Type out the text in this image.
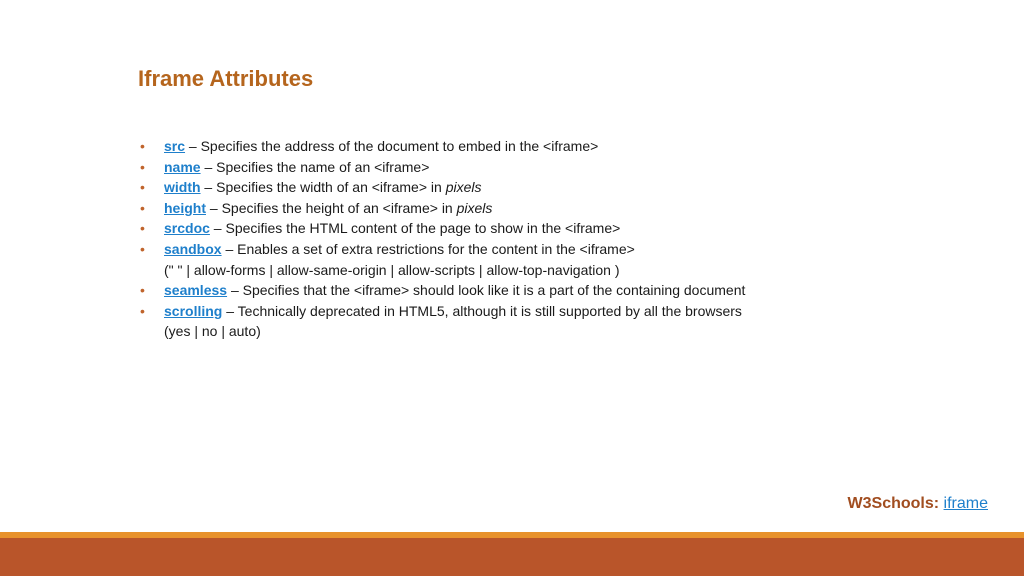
Iframe Attributes
• src – Specifies the address of the document to embed in the <iframe>
• name – Specifies the name of an <iframe>
• width – Specifies the width of an <iframe> in pixels
• height – Specifies the height of an <iframe> in pixels
• srcdoc – Specifies the HTML content of the page to show in the <iframe>
• sandbox – Enables a set of extra restrictions for the content in the <iframe>
(" " | allow-forms | allow-same-origin | allow-scripts | allow-top-navigation )
• seamless – Specifies that the <iframe> should look like it is a part of the containing document
• scrolling – Technically deprecated in HTML5, although it is still supported by all the browsers
(yes | no | auto)
W3Schools: iframe
